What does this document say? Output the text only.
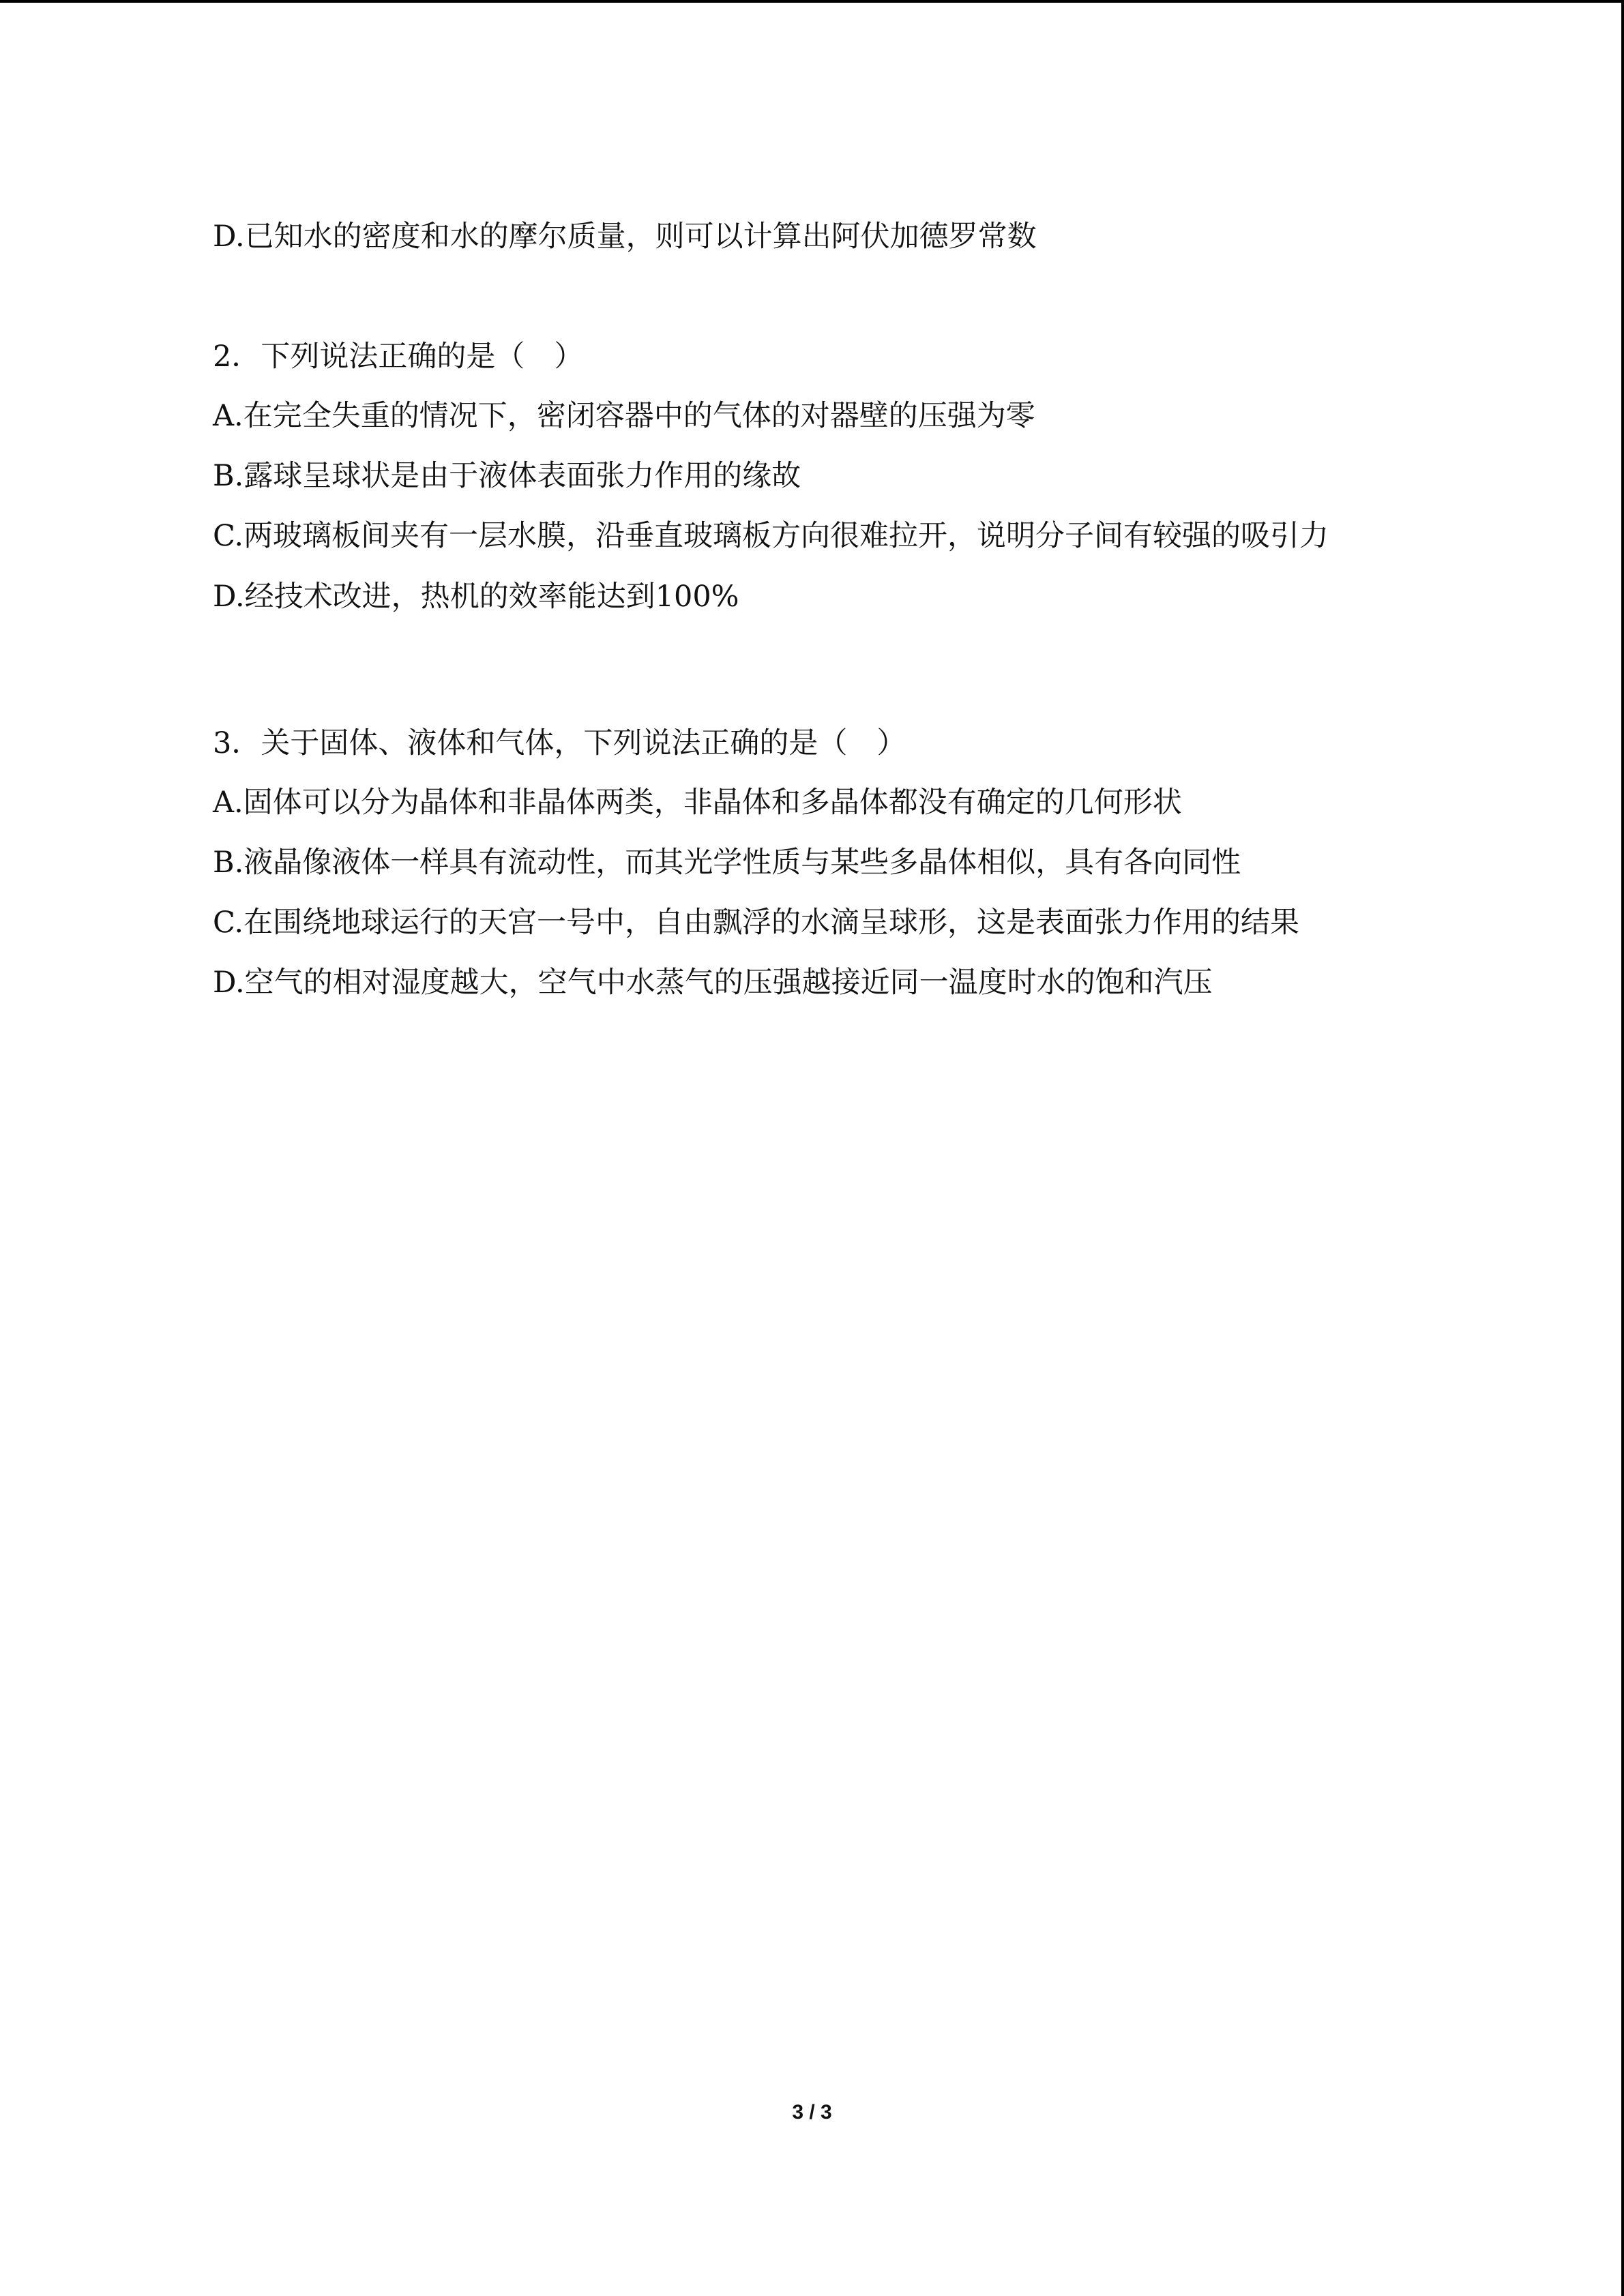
D.已知水的密度和水的摩尔质量，则可以计算出阿伏加德罗常数
2．下列说法正确的是（　）
A.在完全失重的情况下，密闭容器中的气体的对器壁的压强为零
B.露球呈球状是由于液体表面张力作用的缘故
C.两玻璃板间夹有一层水膜，沿垂直玻璃板方向很难拉开，说明分子间有较强的吸引力
D.经技术改进，热机的效率能达到100%
3．关于固体、液体和气体，下列说法正确的是（　）
A.固体可以分为晶体和非晶体两类，非晶体和多晶体都没有确定的几何形状
B.液晶像液体一样具有流动性，而其光学性质与某些多晶体相似，具有各向同性
C.在围绕地球运行的天宫一号中，自由飘浮的水滴呈球形，这是表面张力作用的结果
D.空气的相对湿度越大，空气中水蒸气的压强越接近同一温度时水的饱和汽压
3 / 3
